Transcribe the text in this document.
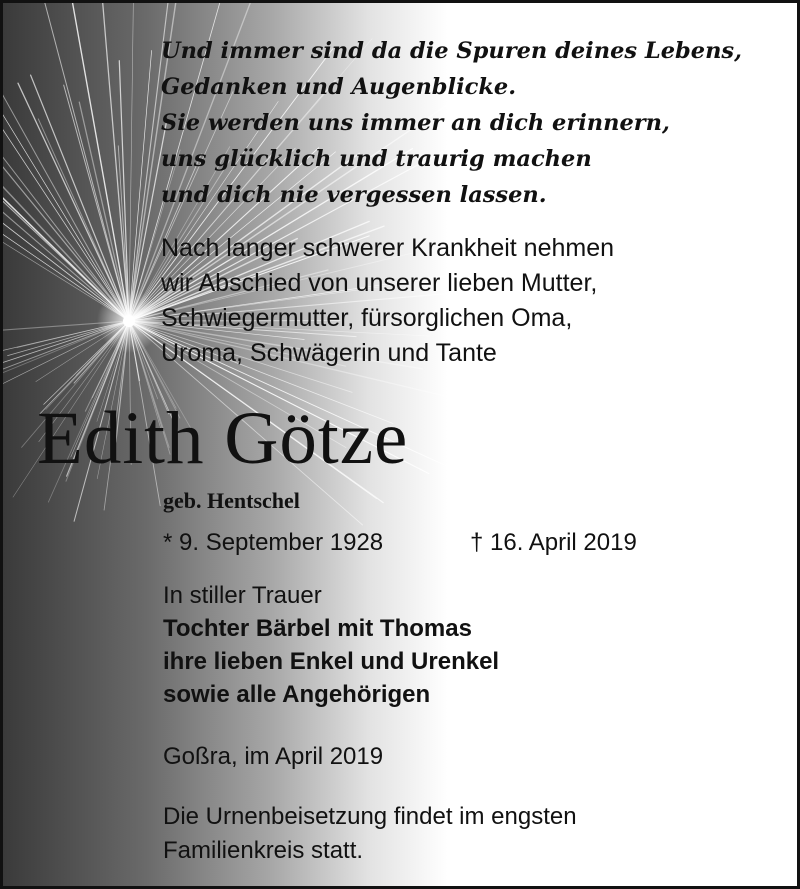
Und immer sind da die Spuren deines Lebens,
Gedanken und Augenblicke.
Sie werden uns immer an dich erinnern,
uns glücklich und traurig machen
und dich nie vergessen lassen.
Nach langer schwerer Krankheit nehmen
wir Abschied von unserer lieben Mutter,
Schwiegermutter, fürsorglichen Oma,
Uroma, Schwägerin und Tante
Edith Götze
geb. Hentschel
* 9. September 1928	† 16. April 2019
In stiller Trauer
Tochter Bärbel mit Thomas
ihre lieben Enkel und Urenkel
sowie alle Angehörigen
Goßra, im April 2019
Die Urnenbeisetzung findet im engsten
Familienkreis statt.
